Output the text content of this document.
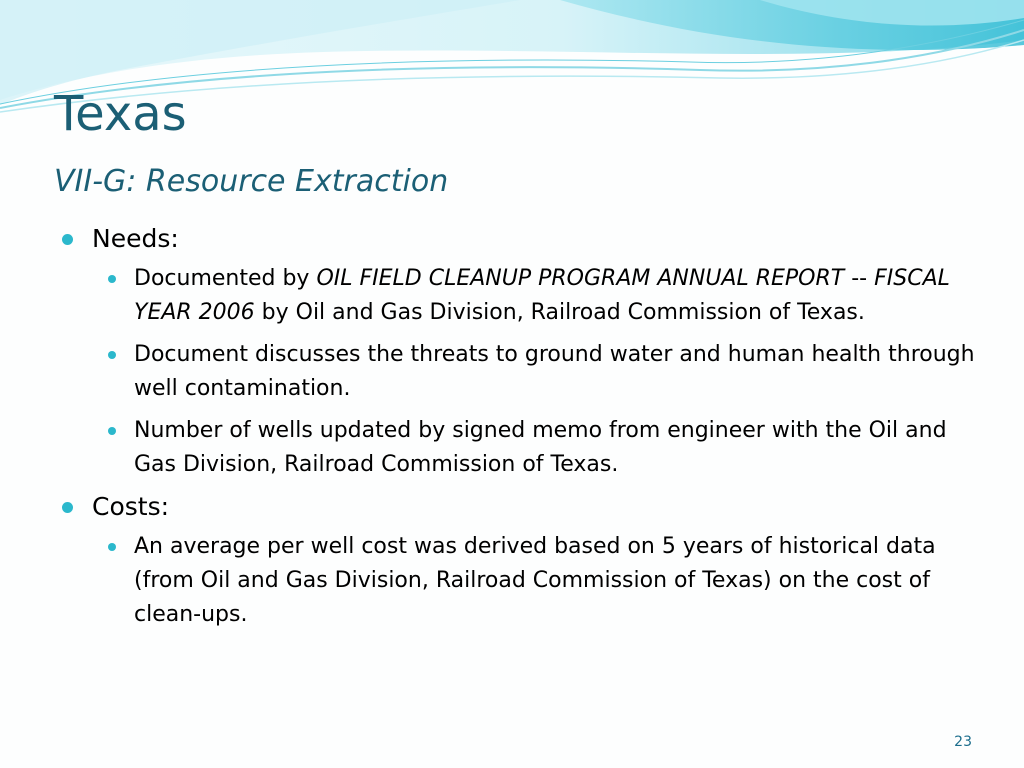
Texas
VII-G: Resource Extraction
Needs:
Documented by OIL FIELD CLEANUP PROGRAM ANNUAL REPORT -- FISCAL YEAR 2006 by Oil and Gas Division, Railroad Commission of Texas.
Document discusses the threats to ground water and human health through well contamination.
Number of wells updated by signed memo from engineer with the Oil and Gas Division, Railroad Commission of Texas.
Costs:
An average per well cost was derived based on 5 years of historical data (from Oil and Gas Division, Railroad Commission of Texas) on the cost of clean-ups.
23
